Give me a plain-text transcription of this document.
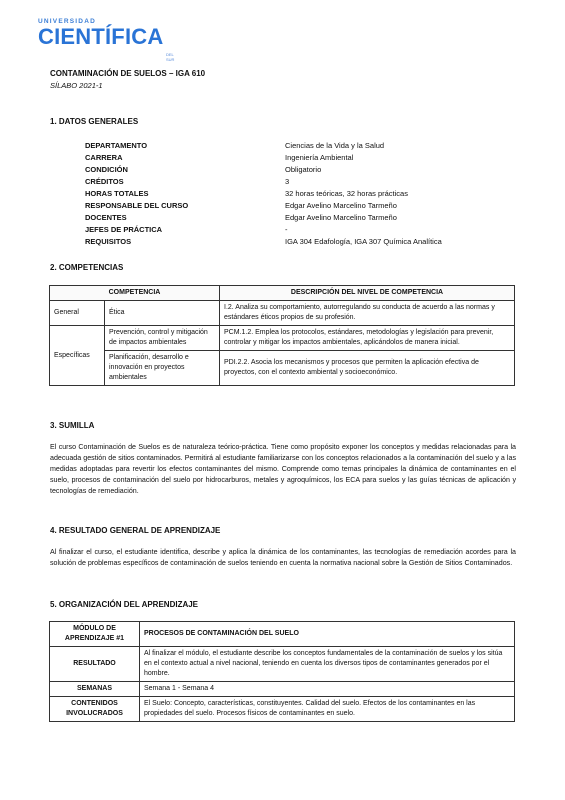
UNIVERSIDAD
CIENTÍFICA
DEL SUR
CONTAMINACIÓN DE SUELOS – IGA 610
SÍLABO 2021-1
1. DATOS GENERALES
DEPARTAMENTO	Ciencias de la Vida y la Salud
CARRERA	Ingeniería Ambiental
CONDICIÓN	Obligatorio
CRÉDITOS	3
HORAS TOTALES	32 horas teóricas, 32 horas prácticas
RESPONSABLE DEL CURSO	Edgar Avelino Marcelino Tarmeño
DOCENTES	Edgar Avelino Marcelino Tarmeño
JEFES DE PRÁCTICA	-
REQUISITOS	IGA 304 Edafología, IGA 307 Química Analítica
2. COMPETENCIAS
COMPETENCIA		DESCRIPCIÓN DEL NIVEL DE COMPETENCIA
General	Ética	I.2. Analiza su comportamiento, autorregulando su conducta de acuerdo a las normas y estándares éticos propios de su profesión.
Específicas	Prevención, control y mitigación de impactos ambientales	PCM.1.2. Emplea los protocolos, estándares, metodologías y legislación para prevenir, controlar y mitigar los impactos ambientales, aplicándolos de manera inicial.
	Planificación, desarrollo e innovación en proyectos ambientales	PDI.2.2. Asocia los mecanismos y procesos que permiten la aplicación efectiva de proyectos, con el contexto ambiental y socioeconómico.
3. SUMILLA
El curso Contaminación de Suelos es de naturaleza teórico-práctica. Tiene como propósito exponer los conceptos y medidas relacionadas para la adecuada gestión de sitios contaminados. Permitirá al estudiante familiarizarse con los conceptos relacionados a la contaminación del suelo y a las medidas adoptadas para revertir los efectos contaminantes del mismo. Comprende como temas principales la dinámica de contaminantes en el suelo, procesos de contaminación del suelo por hidrocarburos, metales y agroquímicos, los ECA para suelos y las guías técnicas de aplicación y tecnologías de remediación.
4. RESULTADO GENERAL DE APRENDIZAJE
Al finalizar el curso, el estudiante identifica, describe y aplica la dinámica de los contaminantes, las tecnologías de remediación acordes para la solución de problemas específicos de contaminación de suelos teniendo en cuenta la normativa nacional sobre la Gestión de Sitios Contaminados.
5. ORGANIZACIÓN DEL APRENDIZAJE
MÓDULO DE APRENDIZAJE #1	PROCESOS DE CONTAMINACIÓN DEL SUELO
RESULTADO	Al finalizar el módulo, el estudiante describe los conceptos fundamentales de la contaminación de suelos y los sitúa en el contexto actual a nivel nacional, teniendo en cuenta los diversos tipos de contaminantes generados por el hombre.
SEMANAS	Semana 1 - Semana 4
CONTENIDOS INVOLUCRADOS	El Suelo: Concepto, características, constituyentes. Calidad del suelo. Efectos de los contaminantes en las propiedades del suelo. Procesos físicos de contaminantes en suelo.
